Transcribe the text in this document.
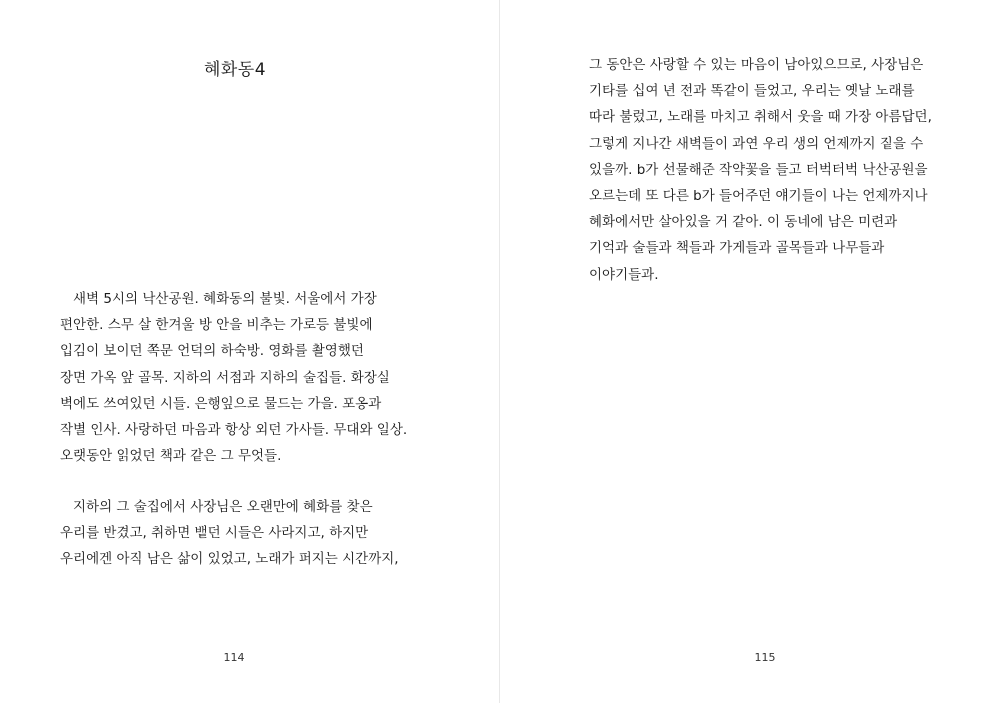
혜화동4
새벽 5시의 낙산공원. 혜화동의 불빛. 서울에서 가장
편안한. 스무 살 한겨울 방 안을 비추는 가로등 불빛에
입김이 보이던 쪽문 언덕의 하숙방. 영화를 촬영했던
장면 가옥 앞 골목. 지하의 서점과 지하의 술집들. 화장실
벽에도 쓰여있던 시들. 은행잎으로 물드는 가을. 포옹과
작별 인사. 사랑하던 마음과 항상 외던 가사들. 무대와 일상.
오랫동안 읽었던 책과 같은 그 무엇들.
지하의 그 술집에서 사장님은 오랜만에 혜화를 찾은
우리를 반겼고, 취하면 뱉던 시들은 사라지고, 하지만
우리에겐 아직 남은 삶이 있었고, 노래가 퍼지는 시간까지,
114
그 동안은 사랑할 수 있는 마음이 남아있으므로, 사장님은
기타를 십여 년 전과 똑같이 들었고, 우리는 옛날 노래를
따라 불렀고, 노래를 마치고 취해서 웃을 때 가장 아름답던,
그렇게 지나간 새벽들이 과연 우리 생의 언제까지 짙을 수
있을까. b가 선물해준 작약꽃을 들고 터벅터벅 낙산공원을
오르는데 또 다른 b가 들어주던 얘기들이 나는 언제까지나
혜화에서만 살아있을 거 같아. 이 동네에 남은 미련과
기억과 술들과 책들과 가게들과 골목들과 나무들과
이야기들과.
115
